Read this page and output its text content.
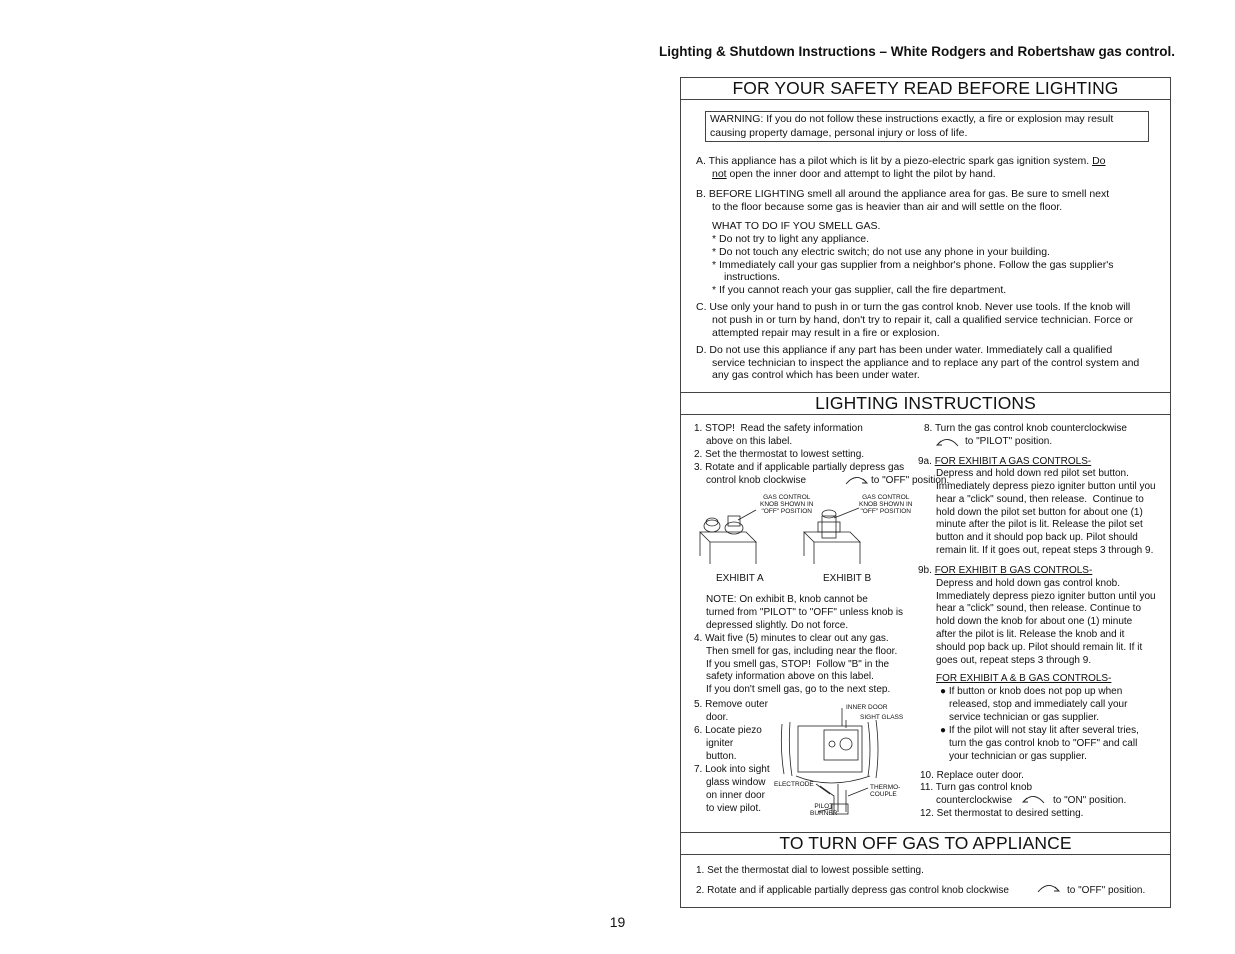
Lighting & Shutdown Instructions – White Rodgers and Robertshaw gas control.
FOR YOUR SAFETY READ BEFORE LIGHTING
WARNING: If you do not follow these instructions exactly, a fire or explosion may result
causing property damage, personal injury or loss of life.
A. This appliance has a pilot which is lit by a piezo-electric spark gas ignition system. Do
not open the inner door and attempt to light the pilot by hand.
B. BEFORE LIGHTING smell all around the appliance area for gas. Be sure to smell next
to the floor because some gas is heavier than air and will settle on the floor.
WHAT TO DO IF YOU SMELL GAS.
* Do not try to light any appliance.
* Do not touch any electric switch; do not use any phone in your building.
* Immediately call your gas supplier from a neighbor's phone. Follow the gas supplier's
instructions.
* If you cannot reach your gas supplier, call the fire department.
C. Use only your hand to push in or turn the gas control knob. Never use tools. If the knob will
not push in or turn by hand, don't try to repair it, call a qualified service technician. Force or
attempted repair may result in a fire or explosion.
D. Do not use this appliance if any part has been under water. Immediately call a qualified
service technician to inspect the appliance and to replace any part of the control system and
any gas control which has been under water.
LIGHTING INSTRUCTIONS
1. STOP!  Read the safety information
above on this label.
2. Set the thermostat to lowest setting.
3. Rotate and if applicable partially depress gas
control knob clockwise	to "OFF" position.
GAS CONTROL
KNOB SHOWN IN
"OFF" POSITION
GAS CONTROL
KNOB SHOWN IN
"OFF" POSITION
EXHIBIT A	EXHIBIT B
NOTE: On exhibit B, knob cannot be
turned from "PILOT" to "OFF" unless knob is
depressed slightly. Do not force.
4. Wait five (5) minutes to clear out any gas.
Then smell for gas, including near the floor.
If you smell gas, STOP!  Follow "B" in the
safety information above on this label.
If you don't smell gas, go to the next step.
5. Remove outer
door.
6. Locate piezo
igniter
button.
7. Look into sight
glass window
on inner door
to view pilot.
INNER DOOR
SIGHT GLASS
ELECTRODE	THERMO-
COUPLE
PILOT
BURNER
8. Turn the gas control knob counterclockwise
to "PILOT" position.
9a. FOR EXHIBIT A GAS CONTROLS-
Depress and hold down red pilot set button.
Immediately depress piezo igniter button until you
hear a "click" sound, then release.  Continue to
hold down the pilot set button for about one (1)
minute after the pilot is lit. Release the pilot set
button and it should pop back up. Pilot should
remain lit. If it goes out, repeat steps 3 through 9.
9b. FOR EXHIBIT B GAS CONTROLS-
Depress and hold down gas control knob.
Immediately depress piezo igniter button until you
hear a "click" sound, then release. Continue to
hold down the knob for about one (1) minute
after the pilot is lit. Release the knob and it
should pop back up. Pilot should remain lit. If it
goes out, repeat steps 3 through 9.
FOR EXHIBIT A & B GAS CONTROLS-
● If button or knob does not pop up when
released, stop and immediately call your
service technician or gas supplier.
● If the pilot will not stay lit after several tries,
turn the gas control knob to "OFF" and call
your technician or gas supplier.
10. Replace outer door.
11. Turn gas control knob
counterclockwise	to "ON" position.
12. Set thermostat to desired setting.
TO TURN OFF GAS TO APPLIANCE
1. Set the thermostat dial to lowest possible setting.
2. Rotate and if applicable partially depress gas control knob clockwise	to "OFF" position.
19
